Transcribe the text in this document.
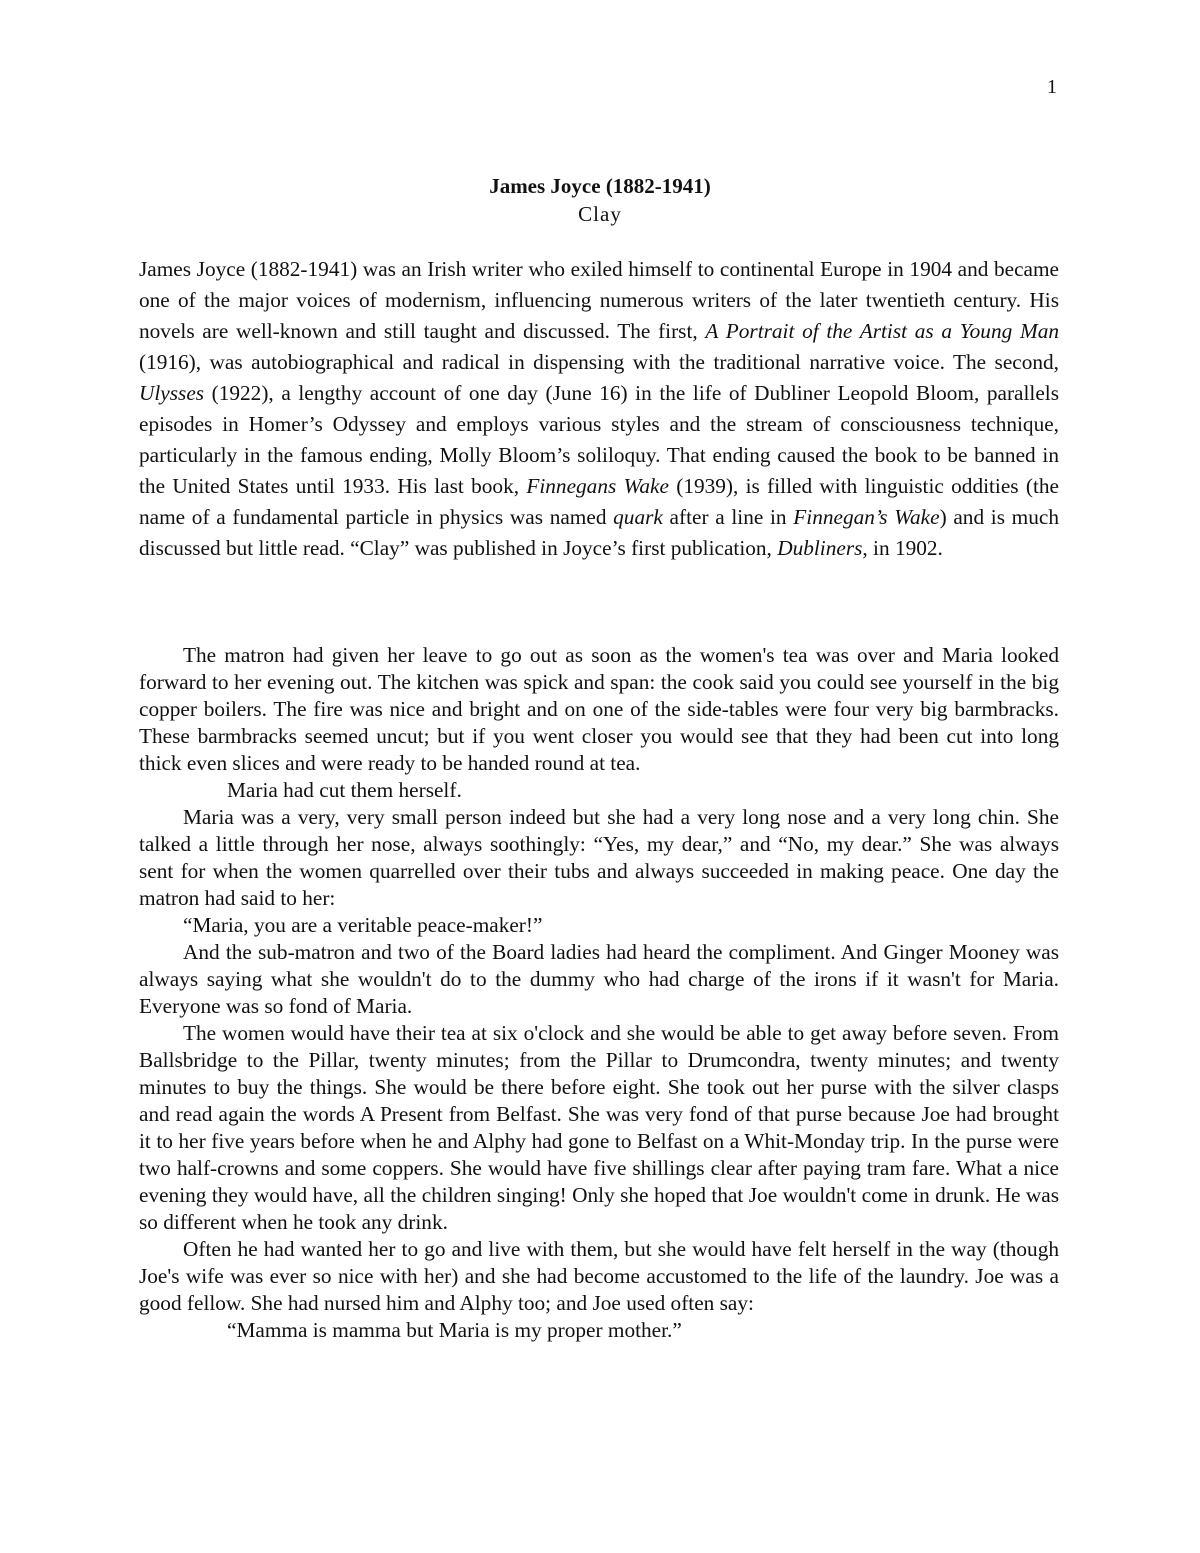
1
James Joyce (1882-1941)
Clay
James Joyce (1882-1941) was an Irish writer who exiled himself to continental Europe in 1904 and became one of the major voices of modernism, influencing numerous writers of the later twentieth century. His novels are well-known and still taught and discussed. The first, A Portrait of the Artist as a Young Man (1916), was autobiographical and radical in dispensing with the traditional narrative voice. The second, Ulysses (1922), a lengthy account of one day (June 16) in the life of Dubliner Leopold Bloom, parallels episodes in Homer’s Odyssey and employs various styles and the stream of consciousness technique, particularly in the famous ending, Molly Bloom’s soliloquy. That ending caused the book to be banned in the United States until 1933. His last book, Finnegans Wake (1939), is filled with linguistic oddities (the name of a fundamental particle in physics was named quark after a line in Finnegan’s Wake) and is much discussed but little read. “Clay” was published in Joyce’s first publication, Dubliners, in 1902.

The matron had given her leave to go out as soon as the women's tea was over and Maria looked forward to her evening out. The kitchen was spick and span: the cook said you could see yourself in the big copper boilers. The fire was nice and bright and on one of the side-tables were four very big barmbracks. These barmbracks seemed uncut; but if you went closer you would see that they had been cut into long thick even slices and were ready to be handed round at tea.

Maria had cut them herself.

Maria was a very, very small person indeed but she had a very long nose and a very long chin. She talked a little through her nose, always soothingly: “Yes, my dear,” and “No, my dear.” She was always sent for when the women quarrelled over their tubs and always succeeded in making peace. One day the matron had said to her:

“Maria, you are a veritable peace-maker!”

And the sub-matron and two of the Board ladies had heard the compliment. And Ginger Mooney was always saying what she wouldn't do to the dummy who had charge of the irons if it wasn't for Maria. Everyone was so fond of Maria.

The women would have their tea at six o'clock and she would be able to get away before seven. From Ballsbridge to the Pillar, twenty minutes; from the Pillar to Drumcondra, twenty minutes; and twenty minutes to buy the things. She would be there before eight. She took out her purse with the silver clasps and read again the words A Present from Belfast. She was very fond of that purse because Joe had brought it to her five years before when he and Alphy had gone to Belfast on a Whit-Monday trip. In the purse were two half-crowns and some coppers. She would have five shillings clear after paying tram fare. What a nice evening they would have, all the children singing! Only she hoped that Joe wouldn't come in drunk. He was so different when he took any drink.

Often he had wanted her to go and live with them, but she would have felt herself in the way (though Joe's wife was ever so nice with her) and she had become accustomed to the life of the laundry. Joe was a good fellow. She had nursed him and Alphy too; and Joe used often say:

“Mamma is mamma but Maria is my proper mother.”
